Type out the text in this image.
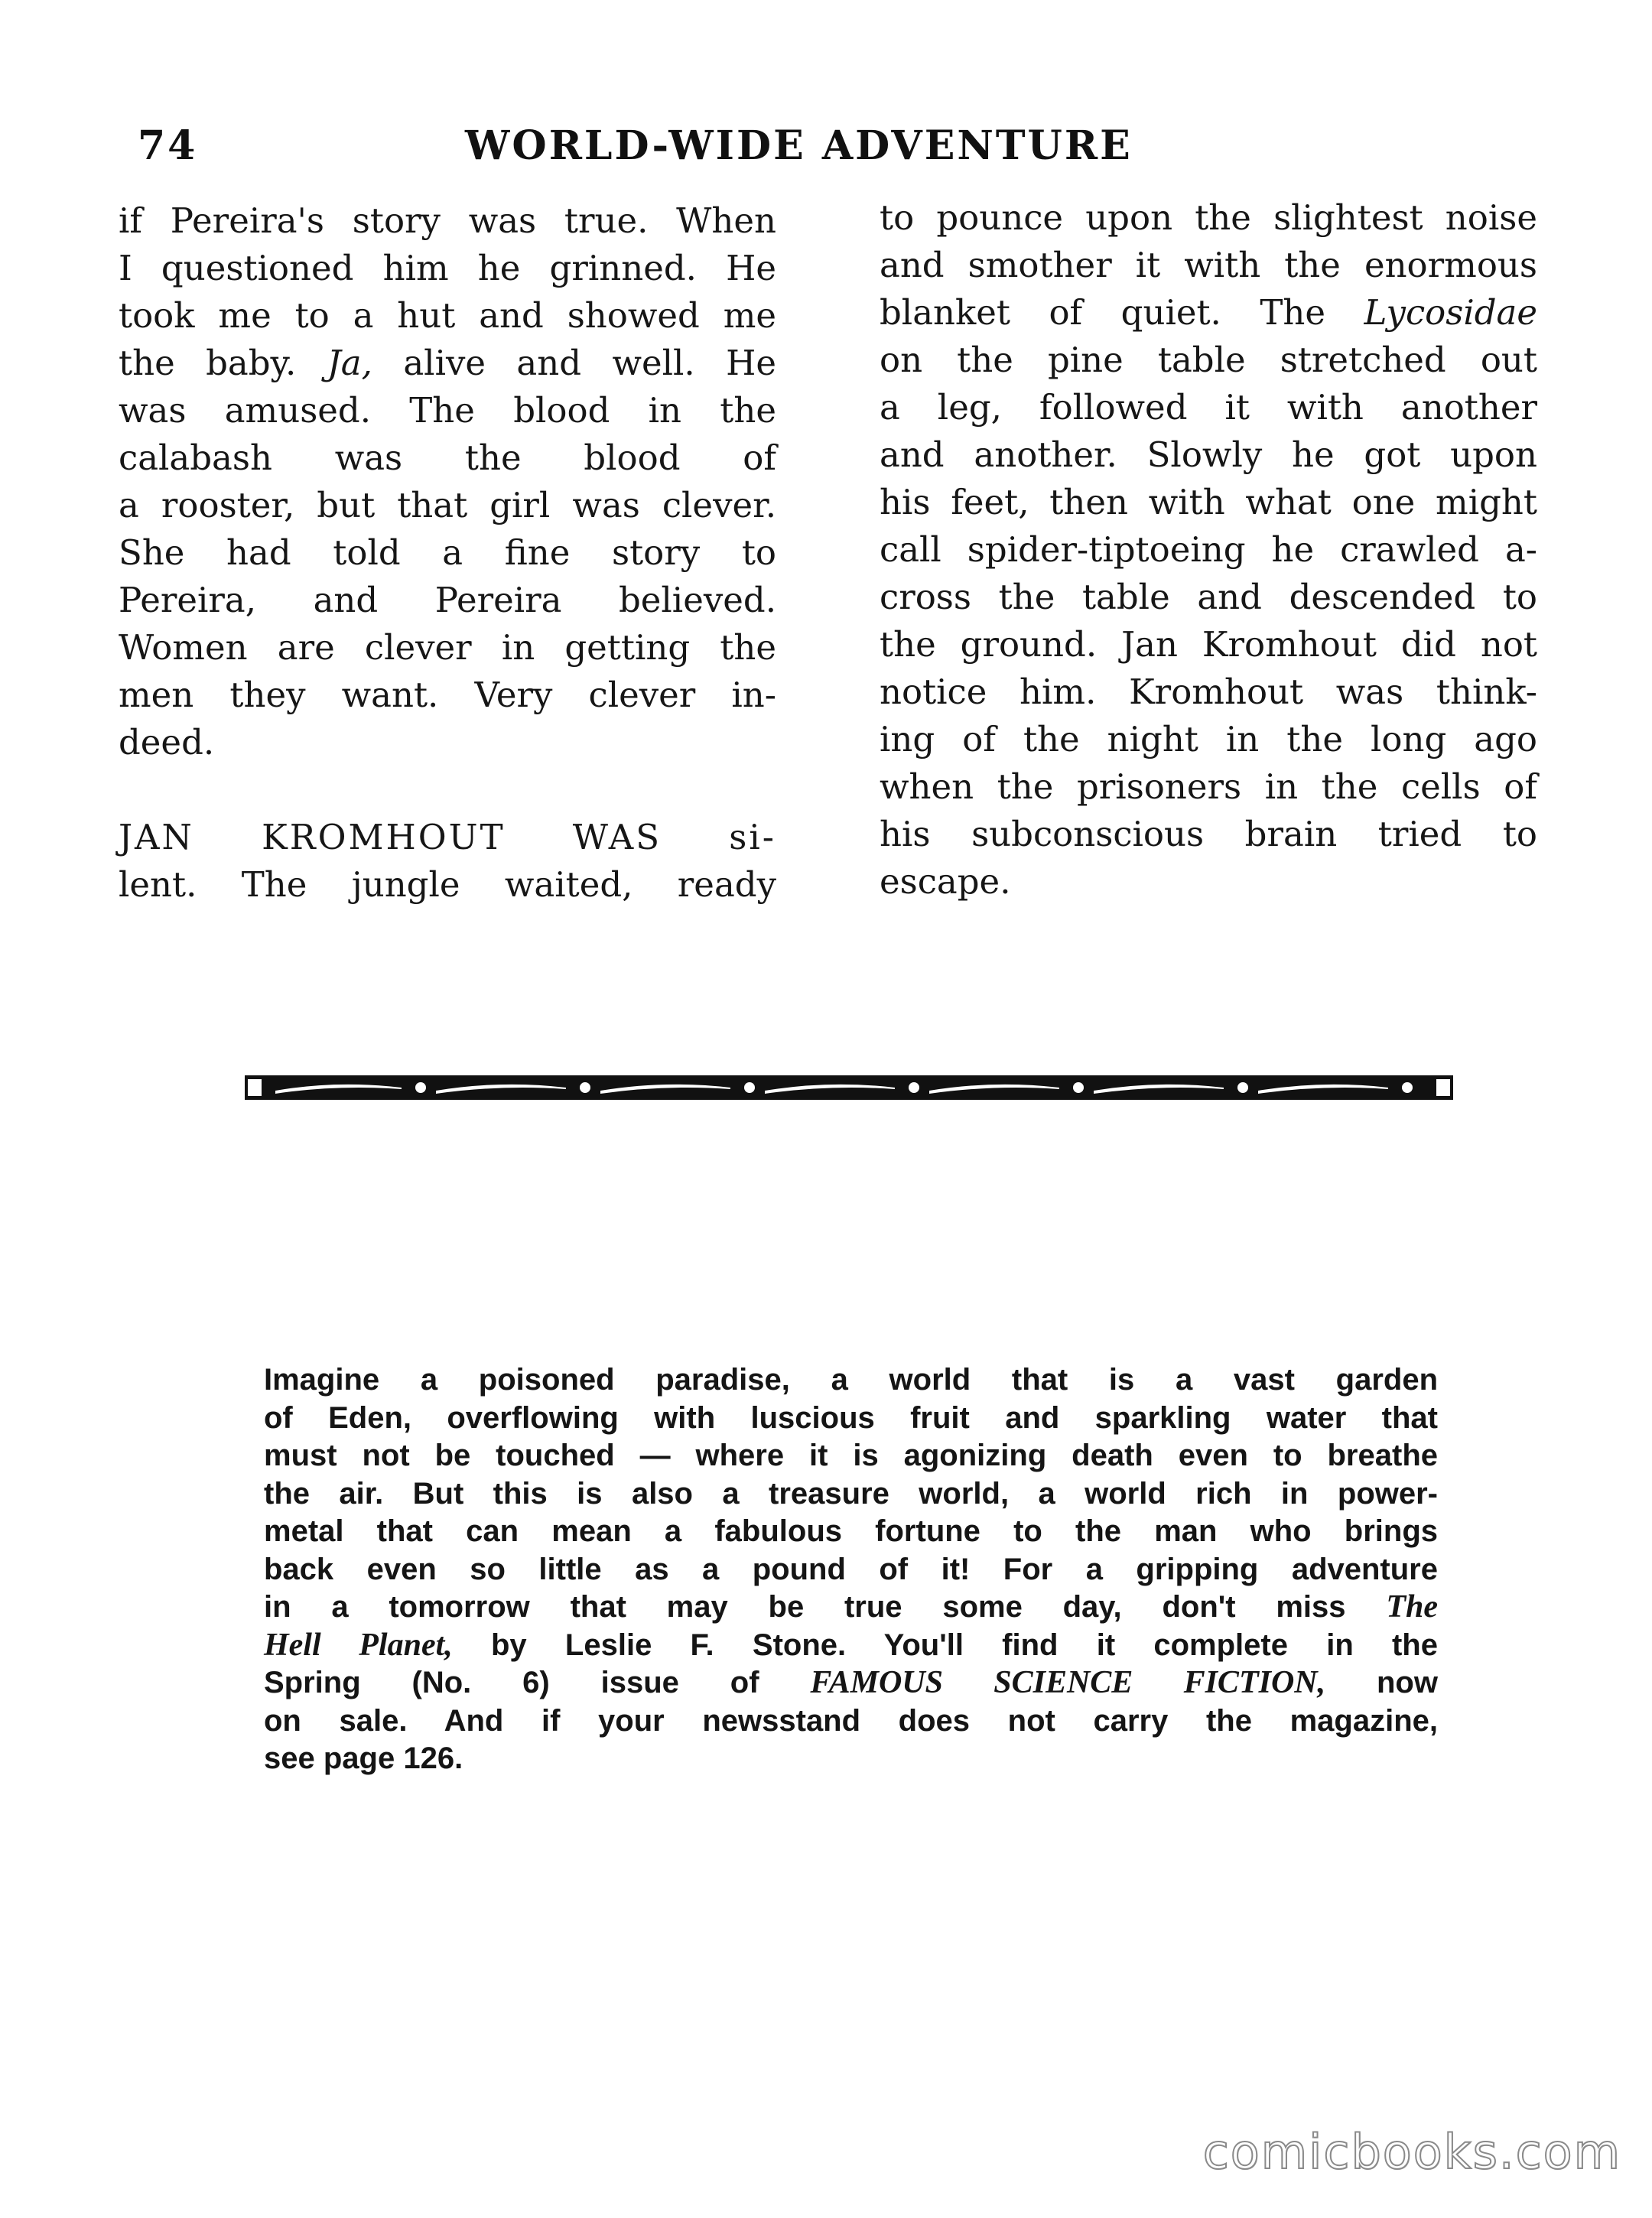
74	WORLD-WIDE ADVENTURE
if Pereira's story was true. When
I questioned him he grinned. He
took me to a hut and showed me
the baby. Ja, alive and well. He
was amused. The blood in the
calabash was the blood of
a rooster, but that girl was clever.
She had told a fine story to
Pereira, and Pereira believed.
Women are clever in getting the
men they want. Very clever in-
deed.
JAN KROMHOUT WAS si-
lent. The jungle waited, ready
to pounce upon the slightest noise
and smother it with the enormous
blanket of quiet. The Lycosidae
on the pine table stretched out
a leg, followed it with another
and another. Slowly he got upon
his feet, then with what one might
call spider-tiptoeing he crawled a-
cross the table and descended to
the ground. Jan Kromhout did not
notice him. Kromhout was think-
ing of the night in the long ago
when the prisoners in the cells of
his subconscious brain tried to
escape.
Imagine a poisoned paradise, a world that is a vast garden
of Eden, overflowing with luscious fruit and sparkling water that
must not be touched — where it is agonizing death even to breathe
the air. But this is also a treasure world, a world rich in power-
metal that can mean a fabulous fortune to the man who brings
back even so little as a pound of it! For a gripping adventure
in a tomorrow that may be true some day, don't miss The
Hell Planet, by Leslie F. Stone. You'll find it complete in the
Spring (No. 6) issue of FAMOUS SCIENCE FICTION, now
on sale. And if your newsstand does not carry the magazine,
see page 126.
comicbooks.com
